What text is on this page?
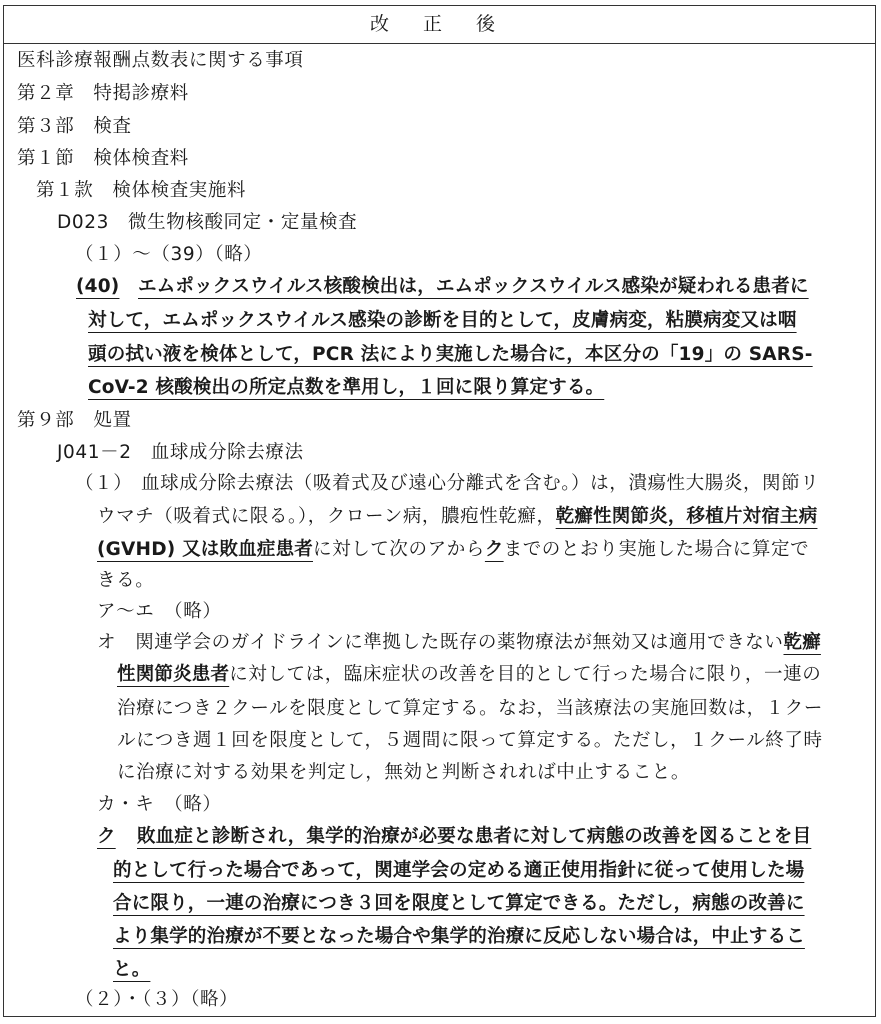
改 正 後
医科診療報酬点数表に関する事項
第２章　特掲診療料
第３部　検査
第１節　検体検査料
第１款　検体検査実施料
D023　微生物核酸同定・定量検査
（１）～（39）（略）
(40) エムポックスウイルス核酸検出は，エムポックスウイルス感染が疑われる患者に
対して，エムポックスウイルス感染の診断を目的として，皮膚病変，粘膜病変又は咽
頭の拭い液を検体として，PCR 法により実施した場合に，本区分の「19」の SARS-
CoV-2 核酸検出の所定点数を準用し，１回に限り算定する。
第９部　処置
J041－2　血球成分除去療法
（１） 血球成分除去療法（吸着式及び遠心分離式を含む。）は，潰瘍性大腸炎，関節リ
ウマチ（吸着式に限る。），クローン病，膿疱性乾癬，乾癬性関節炎，移植片対宿主病
(GVHD) 又は敗血症患者に対して次のアからクまでのとおり実施した場合に算定で
きる。
ア～エ　（略）
オ　関連学会のガイドラインに準拠した既存の薬物療法が無効又は適用できない乾癬
性関節炎患者に対しては，臨床症状の改善を目的として行った場合に限り，一連の
治療につき２クールを限度として算定する。なお，当該療法の実施回数は，１クー
ルにつき週１回を限度として，５週間に限って算定する。ただし，１クール終了時
に治療に対する効果を判定し，無効と判断されれば中止すること。
カ・キ　（略）
ク 敗血症と診断され，集学的治療が必要な患者に対して病態の改善を図ることを目
的として行った場合であって，関連学会の定める適正使用指針に従って使用した場
合に限り，一連の治療につき３回を限度として算定できる。ただし，病態の改善に
より集学的治療が不要となった場合や集学的治療に反応しない場合は，中止するこ
と。
（２）・（３）（略）
